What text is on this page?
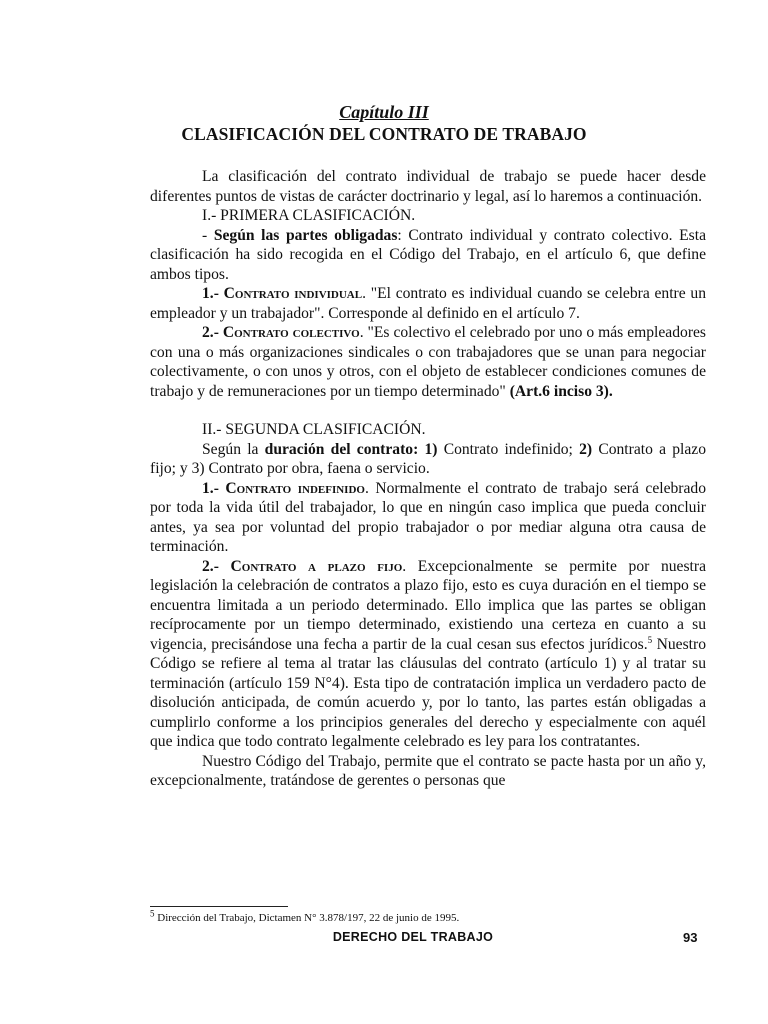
Capítulo III
CLASIFICACIÓN DEL CONTRATO DE TRABAJO

La clasificación del contrato individual de trabajo se puede hacer desde diferentes puntos de vistas de carácter doctrinario y legal, así lo haremos a continuación.

I.- PRIMERA CLASIFICACIÓN.

- Según las partes obligadas: Contrato individual y contrato colectivo. Esta clasificación ha sido recogida en el Código del Trabajo, en el artículo 6, que define ambos tipos.

1.- Contrato individual. "El contrato es individual cuando se celebra entre un empleador y un trabajador". Corresponde al definido en el artículo 7.

2.- Contrato colectivo. "Es colectivo el celebrado por uno o más empleadores con una o más organizaciones sindicales o con trabajadores que se unan para negociar colectivamente, o con unos y otros, con el objeto de establecer condiciones comunes de trabajo y de remuneraciones por un tiempo determinado" (Art.6 inciso 3).

II.- SEGUNDA CLASIFICACIÓN.

Según la duración del contrato: 1) Contrato indefinido; 2) Contrato a plazo fijo; y 3) Contrato por obra, faena o servicio.

1.- Contrato indefinido. Normalmente el contrato de trabajo será celebrado por toda la vida útil del trabajador, lo que en ningún caso implica que pueda concluir antes, ya sea por voluntad del propio trabajador o por mediar alguna otra causa de terminación.

2.- Contrato a plazo fijo. Excepcionalmente se permite por nuestra legislación la celebración de contratos a plazo fijo, esto es cuya duración en el tiempo se encuentra limitada a un periodo determinado. Ello implica que las partes se obligan recíprocamente por un tiempo determinado, existiendo una certeza en cuanto a su vigencia, precisándose una fecha a partir de la cual cesan sus efectos jurídicos.$^5$ Nuestro Código se refiere al tema al tratar las cláusulas del contrato (artículo 1) y al tratar su terminación (artículo 159 N°4). Esta tipo de contratación implica un verdadero pacto de disolución anticipada, de común acuerdo y, por lo tanto, las partes están obligadas a cumplirlo conforme a los principios generales del derecho y especialmente con aquél que indica que todo contrato legalmente celebrado es ley para los contratantes.

Nuestro Código del Trabajo, permite que el contrato se pacte hasta por un año y, excepcionalmente, tratándose de gerentes o personas que

$^5$ Dirección del Trabajo, Dictamen N° 3.878/197, 22 de junio de 1995.
DERECHO DEL TRABAJO	93
